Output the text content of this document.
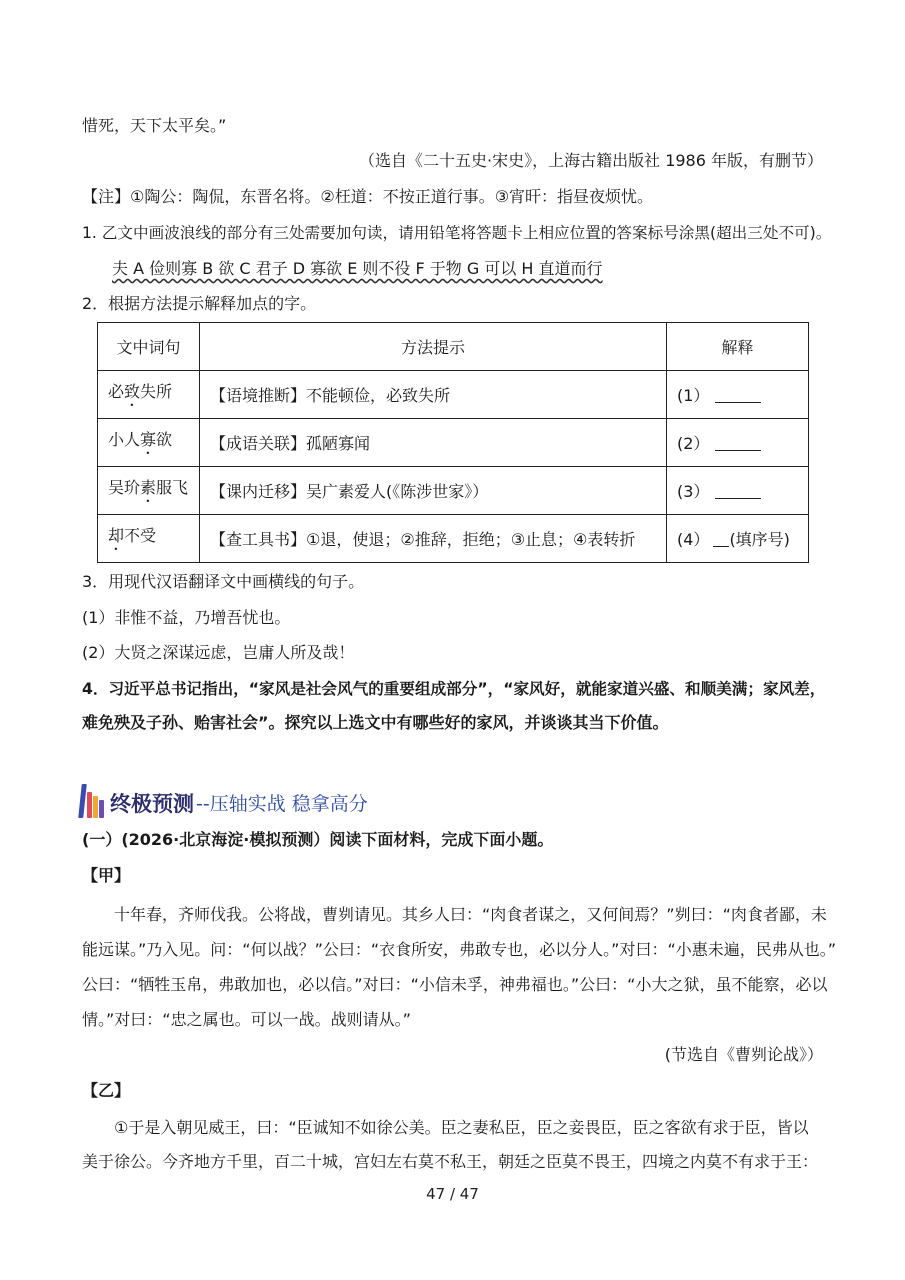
惜死，天下太平矣。”
（选自《二十五史·宋史》，上海古籍出版社 1986 年版，有删节）
【注】①陶公：陶侃，东晋名将。②枉道：不按正道行事。③宵旰：指昼夜烦忧。
1. 乙文中画波浪线的部分有三处需要加句读，请用铅笔将答题卡上相应位置的答案标号涂黑(超出三处不可)。
夫 A 俭则寡 B 欲 C 君子 D 寡欲 E 则不役 F 于物 G 可以 H 直道而行
2．根据方法提示解释加点的字。
文中词句	方法提示	解释
必致失所	【语境推断】不能顿俭，必致失所	(1）
小人寡欲	【成语关联】孤陋寡闻	(2）
吴玠素服飞	【课内迁移】吴广素爱人(《陈涉世家》）	(3）
却不受	【查工具书】①退，使退；②推辞，拒绝；③止息；④表转折	(4） (填序号)
3．用现代汉语翻译文中画横线的句子。
(1）非惟不益，乃增吾忧也。
(2）大贤之深谋远虑，岂庸人所及哉！
4．习近平总书记指出，“家风是社会风气的重要组成部分”，“家风好，就能家道兴盛、和顺美满；家风差，
难免殃及子孙、贻害社会”。探究以上选文中有哪些好的家风，并谈谈其当下价值。
终极预测 --压轴实战 稳拿高分
(一）(2026·北京海淀·模拟预测）阅读下面材料，完成下面小题。
【甲】
十年春，齐师伐我。公将战，曹刿请见。其乡人曰：“肉食者谋之，又何间焉？”刿曰：“肉食者鄙，未
能远谋。”乃入见。问：“何以战？”公曰：“衣食所安，弗敢专也，必以分人。”对曰：“小惠未遍，民弗从也。”
公曰：“牺牲玉帛，弗敢加也，必以信。”对曰：“小信未孚，神弗福也。”公曰：“小大之狱，虽不能察，必以
情。”对曰：“忠之属也。可以一战。战则请从。”
(节选自《曹刿论战》）
【乙】
①于是入朝见威王，曰：“臣诚知不如徐公美。臣之妻私臣，臣之妾畏臣，臣之客欲有求于臣，皆以
美于徐公。今齐地方千里，百二十城，宫妇左右莫不私王，朝廷之臣莫不畏王，四境之内莫不有求于王：
47 / 47
